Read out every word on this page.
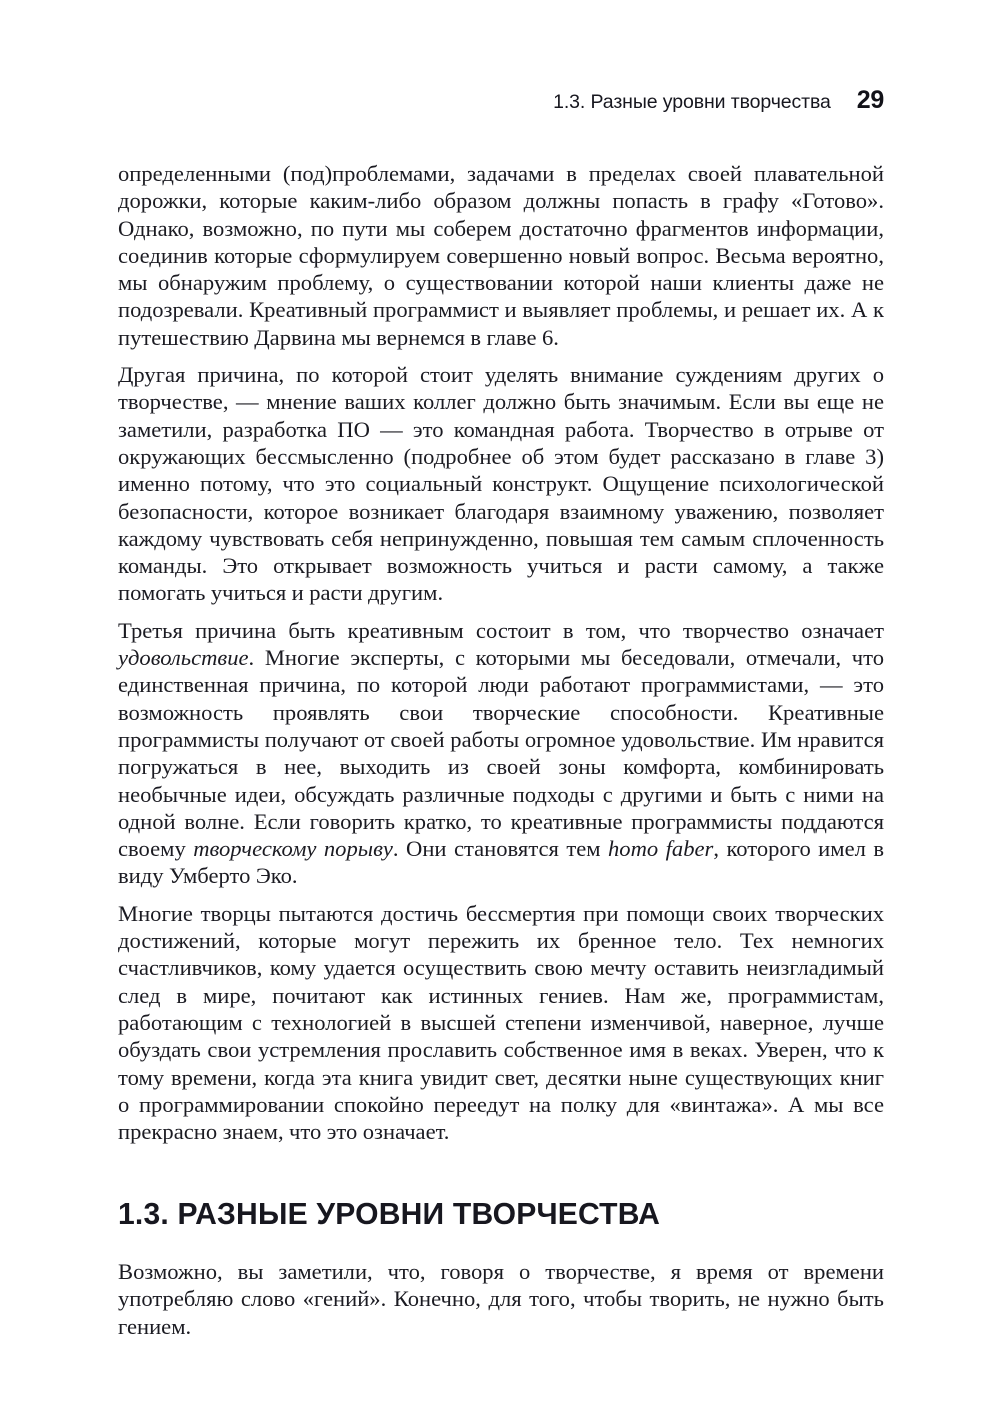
1.3. Разные уровни творчества 29

определенными (под)проблемами, задачами в пределах своей плавательной дорожки, которые каким-либо образом должны попасть в графу «Готово». Однако, возможно, по пути мы соберем достаточно фрагментов информации, соединив которые сформулируем совершенно новый вопрос. Весьма вероятно, мы обнаружим проблему, о существовании которой наши клиенты даже не подозревали. Креативный программист и выявляет проблемы, и решает их. А к путешествию Дарвина мы вернемся в главе 6.

Другая причина, по которой стоит уделять внимание суждениям других о творчестве, — мнение ваших коллег должно быть значимым. Если вы еще не заметили, разработка ПО — это командная работа. Творчество в отрыве от окружающих бессмысленно (подробнее об этом будет рассказано в главе 3) именно потому, что это социальный конструкт. Ощущение психологической безопасности, которое возникает благодаря взаимному уважению, позволяет каждому чувствовать себя непринужденно, повышая тем самым сплоченность команды. Это открывает возможность учиться и расти самому, а также помогать учиться и расти другим.

Третья причина быть креативным состоит в том, что творчество означает удовольствие. Многие эксперты, с которыми мы беседовали, отмечали, что единственная причина, по которой люди работают программистами, — это возможность проявлять свои творческие способности. Креативные программисты получают от своей работы огромное удовольствие. Им нравится погружаться в нее, выходить из своей зоны комфорта, комбинировать необычные идеи, обсуждать различные подходы с другими и быть с ними на одной волне. Если говорить кратко, то креативные программисты поддаются своему творческому порыву. Они становятся тем homo faber, которого имел в виду Умберто Эко.

Многие творцы пытаются достичь бессмертия при помощи своих творческих достижений, которые могут пережить их бренное тело. Тех немногих счастливчиков, кому удается осуществить свою мечту оставить неизгладимый след в мире, почитают как истинных гениев. Нам же, программистам, работающим с технологией в высшей степени изменчивой, наверное, лучше обуздать свои устремления прославить собственное имя в веках. Уверен, что к тому времени, когда эта книга увидит свет, десятки ныне существующих книг о программировании спокойно переедут на полку для «винтажа». А мы все прекрасно знаем, что это означает.

1.3. РАЗНЫЕ УРОВНИ ТВОРЧЕСТВА

Возможно, вы заметили, что, говоря о творчестве, я время от времени употребляю слово «гений». Конечно, для того, чтобы творить, не нужно быть гением.
